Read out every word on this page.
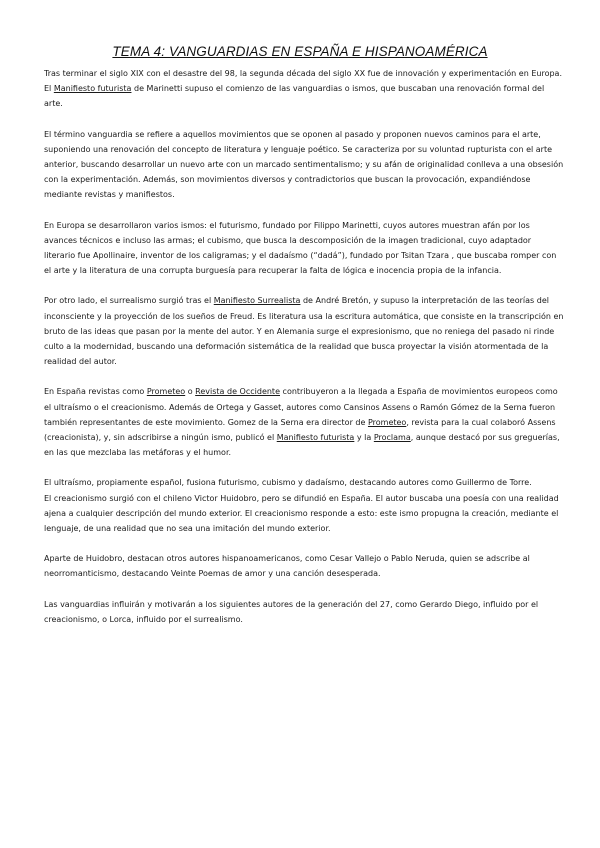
TEMA 4: VANGUARDIAS EN ESPAÑA E HISPANOAMÉRICA

Tras terminar el siglo XIX con el desastre del 98, la segunda década del siglo XX fue de innovación y experimentación en Europa. El Manifiesto futurista de Marinetti supuso el comienzo de las vanguardias o ismos, que buscaban una renovación formal del arte.

El término vanguardia se refiere a aquellos movimientos que se oponen al pasado y proponen nuevos caminos para el arte, suponiendo una renovación del concepto de literatura y lenguaje poético. Se caracteriza por su voluntad rupturista con el arte anterior, buscando desarrollar un nuevo arte con un marcado sentimentalismo; y su afán de originalidad conlleva a una obsesión con la experimentación. Además, son movimientos diversos y contradictorios que buscan la provocación, expandiéndose mediante revistas y manifiestos.

En Europa se desarrollaron varios ismos: el futurismo, fundado por Filippo Marinetti, cuyos autores muestran afán por los avances técnicos e incluso las armas; el cubismo, que busca la descomposición de la imagen tradicional, cuyo adaptador literario fue Apollinaire, inventor de los caligramas; y el dadaísmo (“dadá”), fundado por Tsitan Tzara , que buscaba romper con el arte y la literatura de una corrupta burguesía para recuperar la falta de lógica e inocencia propia de la infancia.

Por otro lado, el surrealismo surgió tras el Manifiesto Surrealista de André Bretón, y supuso la interpretación de las teorías del inconsciente y la proyección de los sueños de Freud. Es literatura usa la escritura automática, que consiste en la transcripción en bruto de las ideas que pasan por la mente del autor. Y en Alemania surge el expresionismo, que no reniega del pasado ni rinde culto a la modernidad, buscando una deformación sistemática de la realidad que busca proyectar la visión atormentada de la realidad del autor.

En España revistas como Prometeo o Revista de Occidente contribuyeron a la llegada a España de movimientos europeos como el ultraísmo o el creacionismo. Además de Ortega y Gasset, autores como Cansinos Assens o Ramón Gómez de la Serna fueron también representantes de este movimiento. Gomez de la Serna era director de Prometeo, revista para la cual colaboró Assens (creacionista), y, sin adscribirse a ningún ismo, publicó el Manifiesto futurista y la Proclama, aunque destacó por sus greguerías, en las que mezclaba las metáforas y el humor.

El ultraísmo, propiamente español, fusiona futurismo, cubismo y dadaísmo, destacando autores como Guillermo de Torre.

El creacionismo surgió con el chileno Victor Huidobro, pero se difundió en España. El autor buscaba una poesía con una realidad ajena a cualquier descripción del mundo exterior. El creacionismo responde a esto: este ismo propugna la creación, mediante el lenguaje, de una realidad que no sea una imitación del mundo exterior.

Aparte de Huidobro, destacan otros autores hispanoamericanos, como Cesar Vallejo o Pablo Neruda, quien se adscribe al neorromanticismo, destacando Veinte Poemas de amor y una canción desesperada.

Las vanguardias influirán y motivarán a los siguientes autores de la generación del 27, como Gerardo Diego, influido por el creacionismo, o Lorca, influido por el surrealismo.
